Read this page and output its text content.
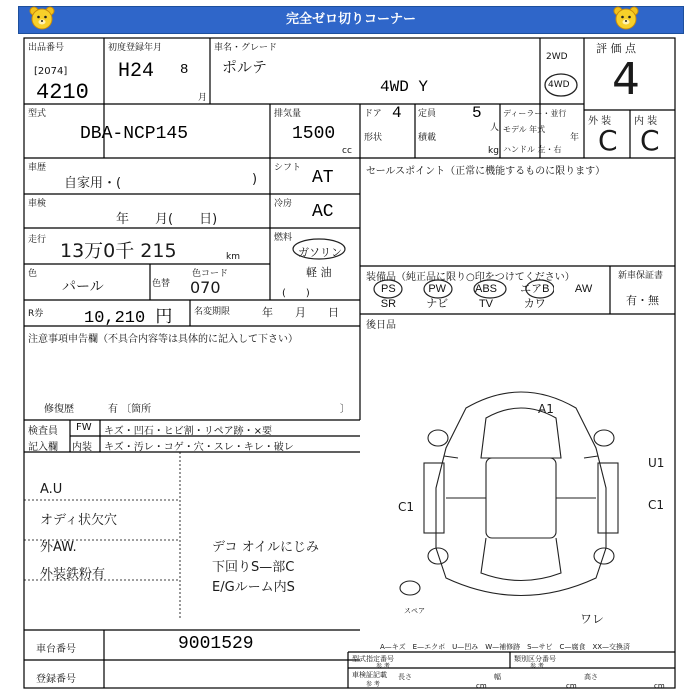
完全ゼロ切りコーナー
出品番号
[2074]
4210
初度登録年月
H24 8
月
車名・グレード
ポルテ
4WD Y
2WD
4WD
評 価 点
4
外 装 内 装
C C
型式
DBA-NCP145
排気量
1500
cc
ドア 4 定員 5
人
形状	積載
kg
ディーラー・並行
モデル 年式
年
ハンドル 左・右
車歴
自家用・(	)
シフト AT
車検
年　　月(　　日)
冷房 AC
走行 13万0千 215	km
燃料
ガソリン
軽 油
(　　)
色
パール	色替
色コード
070
R券 10,210 円 名変期限	年　　月　　日
セールスポイント（正常に機能するものに限ります）
装備品（純正品に限り○印をつけてください）
PS	PW	ABS	エアB	AW
SR	ナビ	TV	カワ
新車保証書
有・無
後日品
注意事項申告欄（不具合内容等は具体的に記入して下さい）
修復歴	有 〔箇所	〕
検査員
記入欄
FW キズ・凹石・ヒビ割・リペア跡・×要
内装 キズ・汚レ・コゲ・穴・スレ・キレ・破レ
A.U
オディ状欠穴
外AW.
外装鉄粉有
デコ オイルにじみ
下回りS—部C
E/Gルーム内S
A1
U1
C1
C1
スペア
ワレ
A—キズ　E—エクボ　U—凹み　W—補修跡　S—サビ　C—腐食　XX—交換済
車台番号	9001529
登録番号
型式指定番号
参 考
類別区分番号
参 考
車検証記載
参 考
長さ
cm
幅
cm
高さ
cm
